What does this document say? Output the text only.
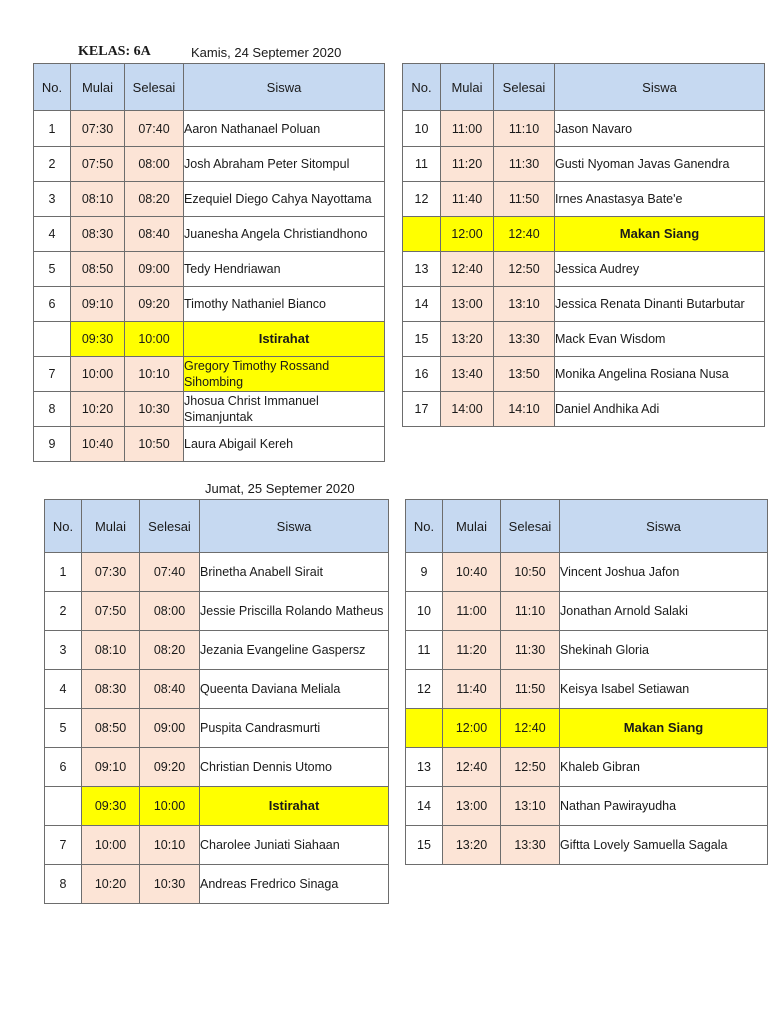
KELAS: 6A	Kamis, 24 Septemer 2020
Jumat, 25 Septemer 2020
No.	Mulai	Selesai	Siswa
1	07:30	07:40	Aaron Nathanael Poluan
2	07:50	08:00	Josh Abraham Peter Sitompul
3	08:10	08:20	Ezequiel Diego Cahya Nayottama
4	08:30	08:40	Juanesha Angela Christiandhono
5	08:50	09:00	Tedy Hendriawan
6	09:10	09:20	Timothy Nathaniel Bianco
	09:30	10:00	Istirahat
7	10:00	10:10	Gregory Timothy Rossand Sihombing
8	10:20	10:30	Jhosua Christ Immanuel Simanjuntak
9	10:40	10:50	Laura Abigail Kereh
No.	Mulai	Selesai	Siswa
10	11:00	11:10	Jason Navaro
11	11:20	11:30	Gusti Nyoman Javas Ganendra
12	11:40	11:50	Irnes Anastasya Bate'e
	12:00	12:40	Makan Siang
13	12:40	12:50	Jessica Audrey
14	13:00	13:10	Jessica Renata Dinanti Butarbutar
15	13:20	13:30	Mack Evan Wisdom
16	13:40	13:50	Monika Angelina Rosiana Nusa
17	14:00	14:10	Daniel Andhika Adi
No.	Mulai	Selesai	Siswa
1	07:30	07:40	Brinetha Anabell Sirait
2	07:50	08:00	Jessie Priscilla Rolando Matheus
3	08:10	08:20	Jezania Evangeline Gaspersz
4	08:30	08:40	Queenta Daviana Meliala
5	08:50	09:00	Puspita Candrasmurti
6	09:10	09:20	Christian Dennis Utomo
	09:30	10:00	Istirahat
7	10:00	10:10	Charolee Juniati Siahaan
8	10:20	10:30	Andreas Fredrico Sinaga
No.	Mulai	Selesai	Siswa
9	10:40	10:50	Vincent Joshua Jafon
10	11:00	11:10	Jonathan Arnold Salaki
11	11:20	11:30	Shekinah Gloria
12	11:40	11:50	Keisya Isabel Setiawan
	12:00	12:40	Makan Siang
13	12:40	12:50	Khaleb Gibran
14	13:00	13:10	Nathan Pawirayudha
15	13:20	13:30	Giftta Lovely Samuella Sagala
